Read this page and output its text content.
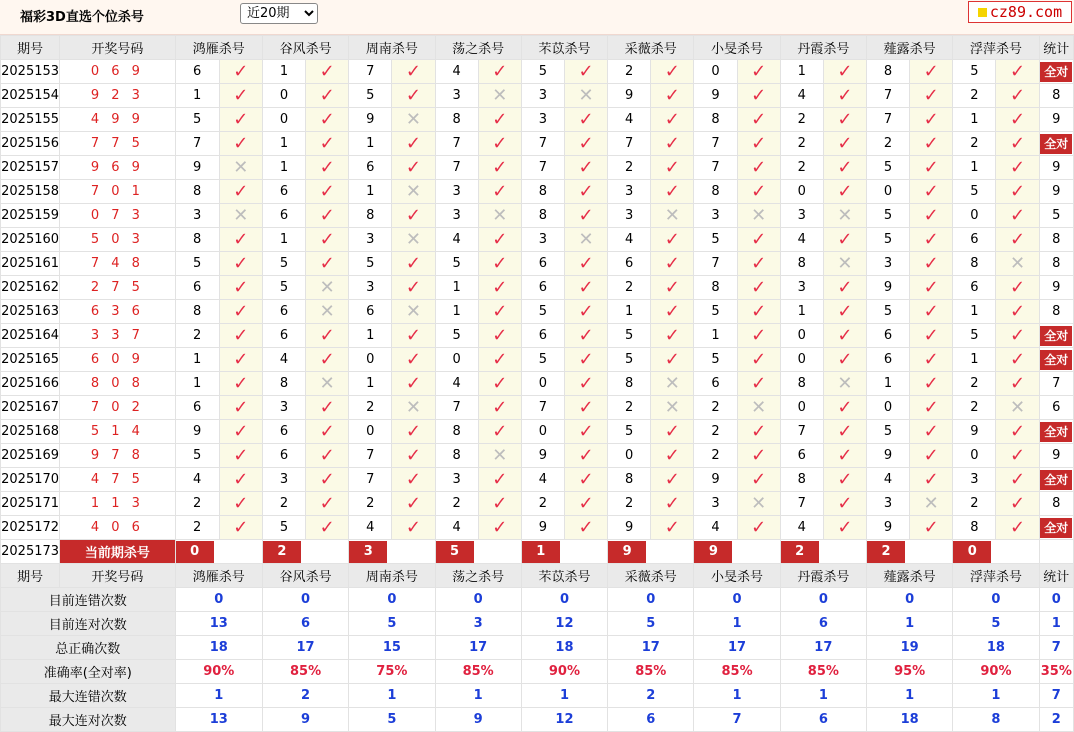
福彩3D直选个位杀号
近20期	cz89.com
期号	开奖号码	鸿雁杀号		谷风杀号		周南杀号		荡之杀号		芣苡杀号		采薇杀号		小旻杀号		丹霞杀号		薤露杀号		浮萍杀号		统计
2025153	0 6 9	6	✓	1	✓	7	✓	4	✓	5	✓	2	✓	0	✓	1	✓	8	✓	5	✓	全对
2025154	9 2 3	1	✓	0	✓	5	✓	3	✕	3	✕	9	✓	9	✓	4	✓	7	✓	2	✓	8
2025155	4 9 9	5	✓	0	✓	9	✕	8	✓	3	✓	4	✓	8	✓	2	✓	7	✓	1	✓	9
2025156	7 7 5	7	✓	1	✓	1	✓	7	✓	7	✓	7	✓	7	✓	2	✓	2	✓	2	✓	全对
2025157	9 6 9	9	✕	1	✓	6	✓	7	✓	7	✓	2	✓	7	✓	2	✓	5	✓	1	✓	9
2025158	7 0 1	8	✓	6	✓	1	✕	3	✓	8	✓	3	✓	8	✓	0	✓	0	✓	5	✓	9
2025159	0 7 3	3	✕	6	✓	8	✓	3	✕	8	✓	3	✕	3	✕	3	✕	5	✓	0	✓	5
2025160	5 0 3	8	✓	1	✓	3	✕	4	✓	3	✕	4	✓	5	✓	4	✓	5	✓	6	✓	8
2025161	7 4 8	5	✓	5	✓	5	✓	5	✓	6	✓	6	✓	7	✓	8	✕	3	✓	8	✕	8
2025162	2 7 5	6	✓	5	✕	3	✓	1	✓	6	✓	2	✓	8	✓	3	✓	9	✓	6	✓	9
2025163	6 3 6	8	✓	6	✕	6	✕	1	✓	5	✓	1	✓	5	✓	1	✓	5	✓	1	✓	8
2025164	3 3 7	2	✓	6	✓	1	✓	5	✓	6	✓	5	✓	1	✓	0	✓	6	✓	5	✓	全对
2025165	6 0 9	1	✓	4	✓	0	✓	0	✓	5	✓	5	✓	5	✓	0	✓	6	✓	1	✓	全对
2025166	8 0 8	1	✓	8	✕	1	✓	4	✓	0	✓	8	✕	6	✓	8	✕	1	✓	2	✓	7
2025167	7 0 2	6	✓	3	✓	2	✕	7	✓	7	✓	2	✕	2	✕	0	✓	0	✓	2	✕	6
2025168	5 1 4	9	✓	6	✓	0	✓	8	✓	0	✓	5	✓	2	✓	7	✓	5	✓	9	✓	全对
2025169	9 7 8	5	✓	6	✓	7	✓	8	✕	9	✓	0	✓	2	✓	6	✓	9	✓	0	✓	9
2025170	4 7 5	4	✓	3	✓	7	✓	3	✓	4	✓	8	✓	9	✓	8	✓	4	✓	3	✓	全对
2025171	1 1 3	2	✓	2	✓	2	✓	2	✓	2	✓	2	✓	3	✕	7	✓	3	✕	2	✓	8
2025172	4 0 6	2	✓	5	✓	4	✓	4	✓	9	✓	9	✓	4	✓	4	✓	9	✓	8	✓	全对
2025173	当前期杀号	0		2		3		5		1		9		9		2		2		0		

期号	开奖号码	鸿雁杀号		谷风杀号		周南杀号		荡之杀号		芣苡杀号		采薇杀号		小旻杀号		丹霞杀号		薤露杀号		浮萍杀号		统计
目前连错次数		0		0		0		0		0		0		0		0		0		0		0
目前连对次数		13		6		5		3		12		5		1		6		1		5		1
总正确次数		18		17		15		17		18		17		17		17		19		18		7
准确率(全对率)		90%		85%		75%		85%		90%		85%		85%		85%		95%		90%		35%
最大连错次数		1		2		1		1		1		2		1		1		1		1		7
最大连对次数		13		9		5		9		12		6		7		6		18		8		2
